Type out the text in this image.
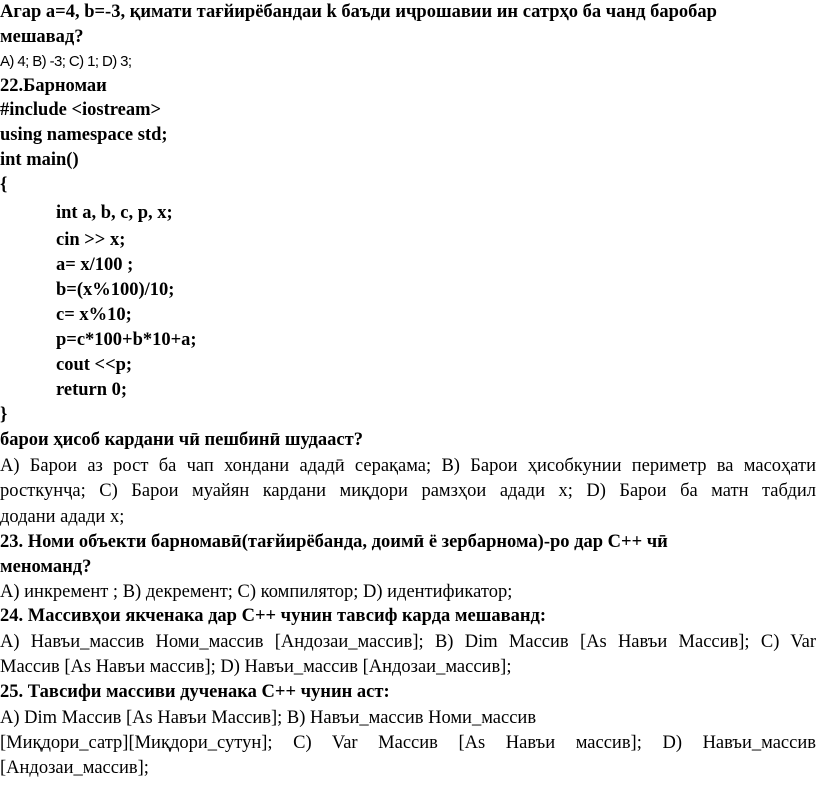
Агар a=4, b=-3, қимати тағйирёбандаи k баъди иҷрошавии ин сатрҳо ба чанд баробар
мешавад?
A) 4; B) -3; C) 1; D) 3;
22.Барномаи
#include <iostream>
using namespace std;
int main()
{
int a, b, c, p, x;
cin >> x;
a= x/100 ;
b=(x%100)/10;
c= x%10;
p=c*100+b*10+a;
cout <<p;
return 0;
}
барои ҳисоб кардани чӣ пешбинӣ шудааст?
A) Барои аз рост ба чап хондани ададӣ серақама; B) Барои ҳисобкунии периметр ва масоҳати
росткунҷа; C) Барои муайян кардани миқдори рамзҳои адади x; D) Барои ба матн табдил
додани адади x;
23. Номи объекти барномавӣ(тағйирёбанда, доимӣ ё зербарнома)-ро дар C++ чӣ
меноманд?
A) инкремент ; B) декремент; C) компилятор; D) идентификатор;
24. Массивҳои якченака дар C++ чунин тавсиф карда мешаванд:
A) Навъи_массив Номи_массив [Андозаи_массив]; B) Dim Массив [As Навъи Массив]; C) Var
Массив [As Навъи массив]; D) Навъи_массив [Андозаи_массив];
25. Тавсифи массиви дученака C++ чунин аст:
A) Dim Массив [As Навъи Массив]; B) Навъи_массив Номи_массив
[Миқдори_сатр][Миқдори_сутун]; C) Var Массив [As Навъи массив]; D) Навъи_массив
[Андозаи_массив];
